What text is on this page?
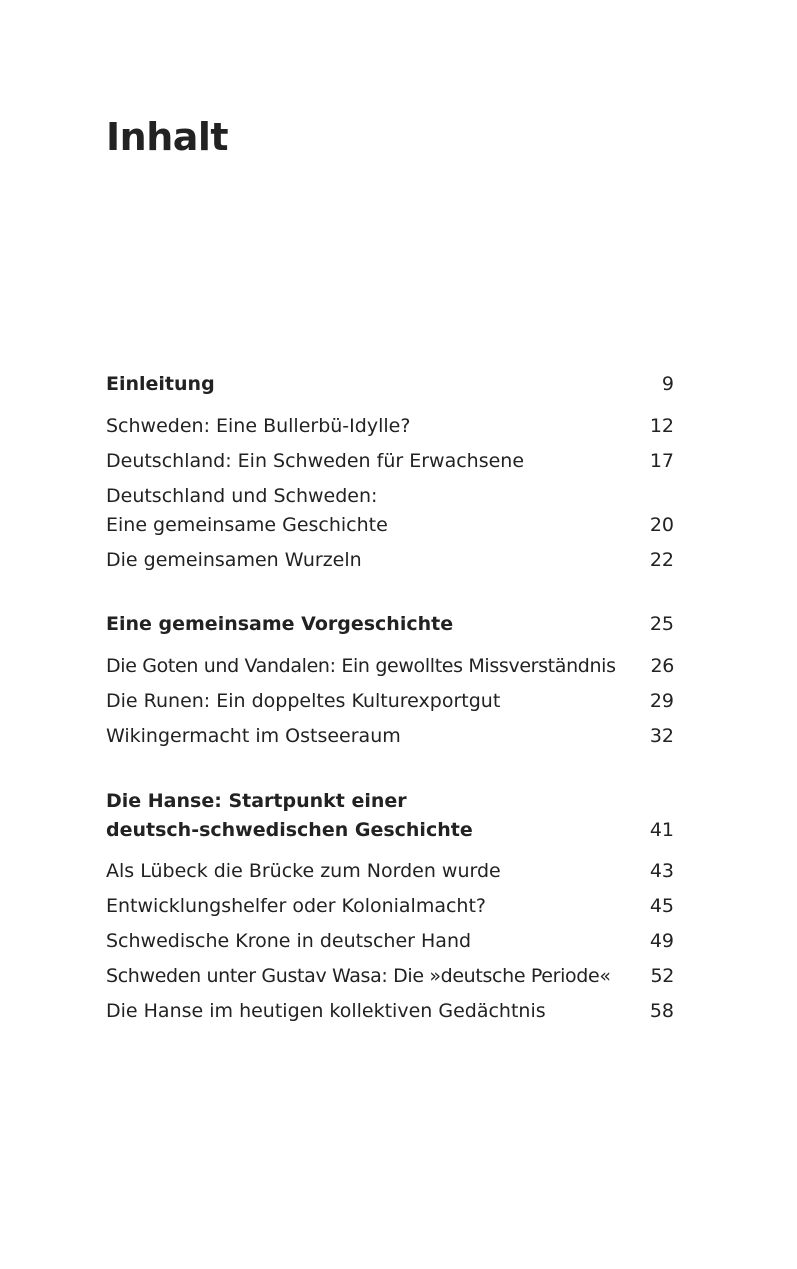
Inhalt
Einleitung	9
Schweden: Eine Bullerbü-Idylle?	12
Deutschland: Ein Schweden für Erwachsene	17
Deutschland und Schweden:
Eine gemeinsame Geschichte	20
Die gemeinsamen Wurzeln	22
Eine gemeinsame Vorgeschichte	25
Die Goten und Vandalen: Ein gewolltes Missverständnis	26
Die Runen: Ein doppeltes Kulturexportgut	29
Wikingermacht im Ostseeraum	32
Die Hanse: Startpunkt einer
deutsch-schwedischen Geschichte	41
Als Lübeck die Brücke zum Norden wurde	43
Entwicklungshelfer oder Kolonialmacht?	45
Schwedische Krone in deutscher Hand	49
Schweden unter Gustav Wasa: Die »deutsche Periode«	52
Die Hanse im heutigen kollektiven Gedächtnis	58
